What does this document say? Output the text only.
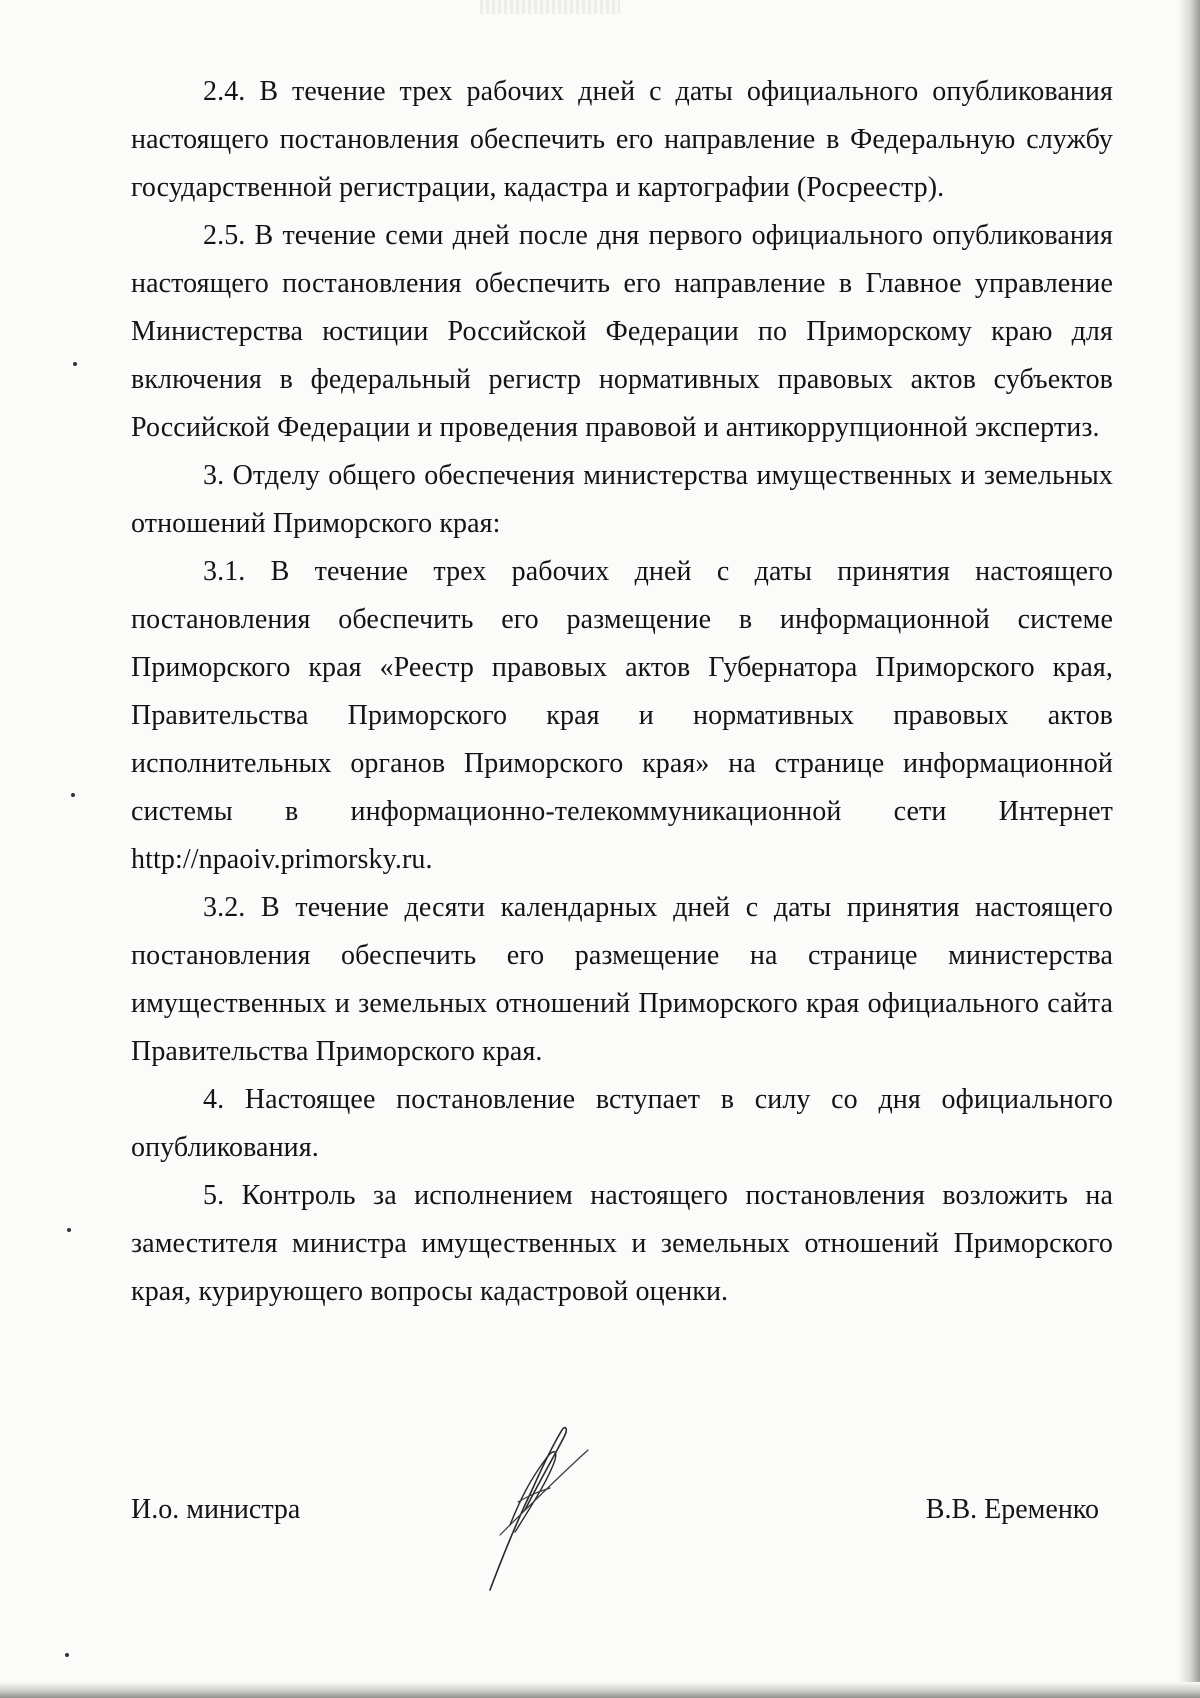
2.4. В течение трех рабочих дней с даты официального опубликования настоящего постановления обеспечить его направление в Федеральную службу государственной регистрации, кадастра и картографии (Росреестр).

2.5. В течение семи дней после дня первого официального опубликования настоящего постановления обеспечить его направление в Главное управление Министерства юстиции Российской Федерации по Приморскому краю для включения в федеральный регистр нормативных правовых актов субъектов Российской Федерации и проведения правовой и антикоррупционной экспертиз.

3. Отделу общего обеспечения министерства имущественных и земельных отношений Приморского края:

3.1. В течение трех рабочих дней с даты принятия настоящего постановления обеспечить его размещение в информационной системе Приморского края «Реестр правовых актов Губернатора Приморского края, Правительства Приморского края и нормативных правовых актов исполнительных органов Приморского края» на странице информационной системы в информационно-телекоммуникационной сети Интернет http://npaoiv.primorsky.ru.

3.2. В течение десяти календарных дней с даты принятия настоящего постановления обеспечить его размещение на странице министерства имущественных и земельных отношений Приморского края официального сайта Правительства Приморского края.

4. Настоящее постановление вступает в силу со дня официального опубликования.

5. Контроль за исполнением настоящего постановления возложить на заместителя министра имущественных и земельных отношений Приморского края, курирующего вопросы кадастровой оценки.

И.о. министра	В.В. Еременко
